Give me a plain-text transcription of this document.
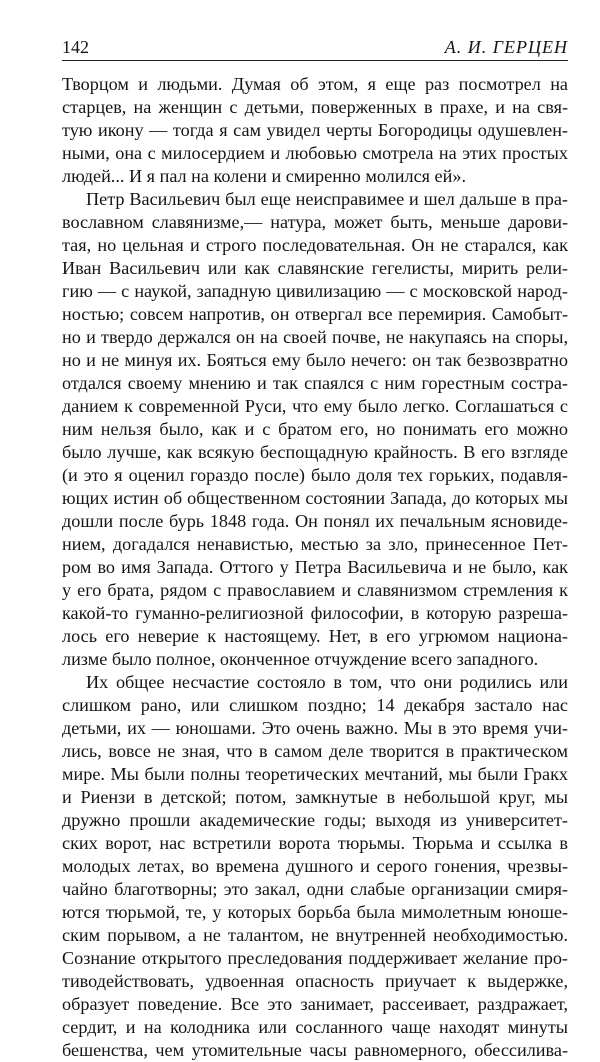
142	А. И. ГЕРЦЕН
Творцом и людьми. Думая об этом, я еще раз посмотрел на
старцев, на женщин с детьми, поверженных в прахе, и на свя-
тую икону — тогда я сам увидел черты Богородицы одушевлен-
ными, она с милосердием и любовью смотрела на этих простых
людей... И я пал на колени и смиренно молился ей».
Петр Васильевич был еще неисправимее и шел дальше в пра-
вославном славянизме,— натура, может быть, меньше дарови-
тая, но цельная и строго последовательная. Он не старался, как
Иван Васильевич или как славянские гегелисты, мирить рели-
гию — с наукой, западную цивилизацию — с московской народ-
ностью; совсем напротив, он отвергал все перемирия. Самобыт-
но и твердо держался он на своей почве, не накупаясь на споры,
но и не минуя их. Бояться ему было нечего: он так безвозвратно
отдался своему мнению и так спаялся с ним горестным состра-
данием к современной Руси, что ему было легко. Соглашаться с
ним нельзя было, как и с братом его, но понимать его можно
было лучше, как всякую беспощадную крайность. В его взгляде
(и это я оценил гораздо после) было доля тех горьких, подавля-
ющих истин об общественном состоянии Запада, до которых мы
дошли после бурь 1848 года. Он понял их печальным ясновиде-
нием, догадался ненавистью, местью за зло, принесенное Пет-
ром во имя Запада. Оттого у Петра Васильевича и не было, как
у его брата, рядом с православием и славянизмом стремления к
какой-то гуманно-религиозной философии, в которую разреша-
лось его неверие к настоящему. Нет, в его угрюмом национа-
лизме было полное, оконченное отчуждение всего западного.
Их общее несчастие состояло в том, что они родились или
слишком рано, или слишком поздно; 14 декабря застало нас
детьми, их — юношами. Это очень важно. Мы в это время учи-
лись, вовсе не зная, что в самом деле творится в практическом
мире. Мы были полны теоретических мечтаний, мы были Гракх
и Риензи в детской; потом, замкнутые в небольшой круг, мы
дружно прошли академические годы; выходя из университет-
ских ворот, нас встретили ворота тюрьмы. Тюрьма и ссылка в
молодых летах, во времена душного и серого гонения, чрезвы-
чайно благотворны; это закал, одни слабые организации смиря-
ются тюрьмой, те, у которых борьба была мимолетным юноше-
ским порывом, а не талантом, не внутренней необходимостью.
Сознание открытого преследования поддерживает желание про-
тиводействовать, удвоенная опасность приучает к выдержке,
образует поведение. Все это занимает, рассеивает, раздражает,
сердит, и на колодника или сосланного чаще находят минуты
бешенства, чем утомительные часы равномерного, обессилива-
